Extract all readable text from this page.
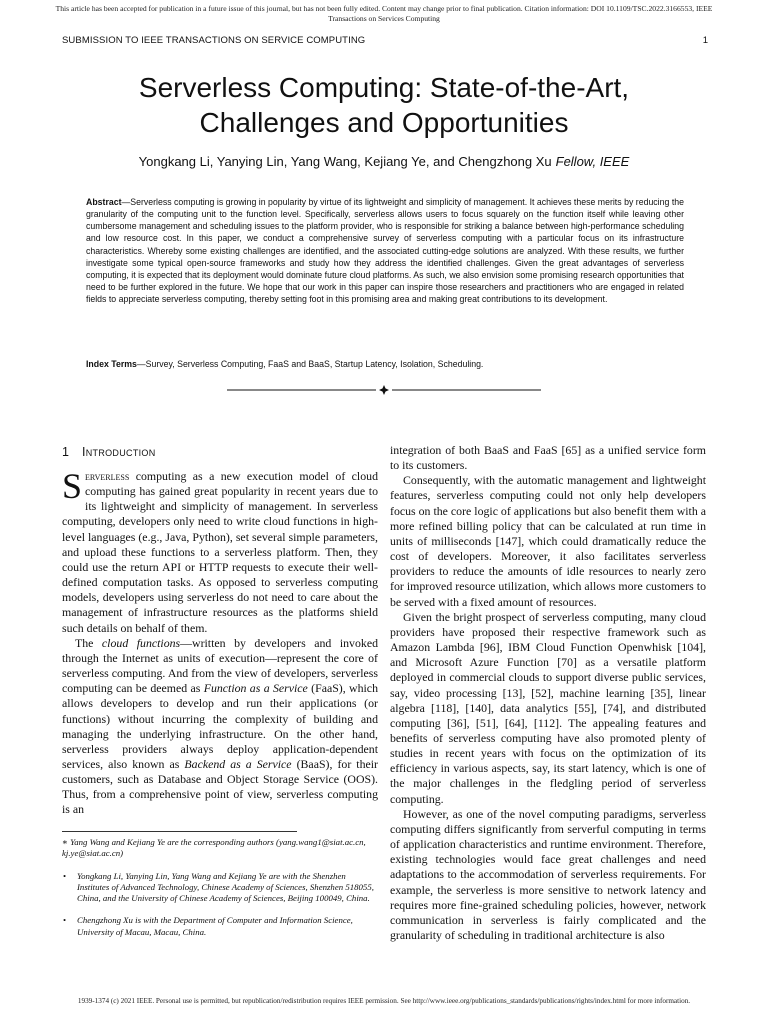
This article has been accepted for publication in a future issue of this journal, but has not been fully edited. Content may change prior to final publication. Citation information: DOI 10.1109/TSC.2022.3166553, IEEE
Transactions on Services Computing
SUBMISSION TO IEEE TRANSACTIONS ON SERVICE COMPUTING	1
Serverless Computing: State-of-the-Art,
Challenges and Opportunities
Yongkang Li, Yanying Lin, Yang Wang, Kejiang Ye, and Chengzhong Xu Fellow, IEEE
Abstract—Serverless computing is growing in popularity by virtue of its lightweight and simplicity of management. It achieves these merits by reducing the granularity of the computing unit to the function level. Specifically, serverless allows users to focus squarely on the function itself while leaving other cumbersome management and scheduling issues to the platform provider, who is responsible for striking a balance between high-performance scheduling and low resource cost. In this paper, we conduct a comprehensive survey of serverless computing with a particular focus on its infrastructure characteristics. Whereby some existing challenges are identified, and the associated cutting-edge solutions are analyzed. With these results, we further investigate some typical open-source frameworks and study how they address the identified challenges. Given the great advantages of serverless computing, it is expected that its deployment would dominate future cloud platforms. As such, we also envision some promising research opportunities that need to be further explored in the future. We hope that our work in this paper can inspire those researchers and practitioners who are engaged in related fields to appreciate serverless computing, thereby setting foot in this promising area and making great contributions to its development.
Index Terms—Survey, Serverless Computing, FaaS and BaaS, Startup Latency, Isolation, Scheduling.
1 Introduction

Serverless computing as a new execution model of cloud computing has gained great popularity in recent years due to its lightweight and simplicity of management. In serverless computing, developers only need to write cloud functions in high-level languages (e.g., Java, Python), set several simple parameters, and upload these functions to a serverless platform. Then, they could use the return API or HTTP requests to execute their well-defined computation tasks. As opposed to serverless computing models, developers using serverless do not need to care about the management of infrastructure resources as the platforms shield such details on behalf of them.

The cloud functions—written by developers and invoked through the Internet as units of execution—represent the core of serverless computing. And from the view of developers, serverless computing can be deemed as Function as a Service (FaaS), which allows developers to develop and run their applications (or functions) without incurring the complexity of building and managing the underlying infrastructure. On the other hand, serverless providers always deploy application-dependent services, also known as Backend as a Service (BaaS), for their customers, such as Database and Object Storage Service (OOS). Thus, from a comprehensive point of view, serverless computing is an

∗ Yang Wang and Kejiang Ye are the corresponding authors (yang.wang1@siat.ac.cn, kj.ye@siat.ac.cn)
• Yongkang Li, Yanying Lin, Yang Wang and Kejiang Ye are with the Shenzhen Institutes of Advanced Technology, Chinese Academy of Sciences, Shenzhen 518055, China, and the University of Chinese Academy of Sciences, Beijing 100049, China.
• Chengzhong Xu is with the Department of Computer and Information Science, University of Macau, Macau, China.

integration of both BaaS and FaaS [65] as a unified service form to its customers.

Consequently, with the automatic management and lightweight features, serverless computing could not only help developers focus on the core logic of applications but also benefit them with a more refined billing policy that can be calculated at run time in units of milliseconds [147], which could dramatically reduce the cost of developers. Moreover, it also facilitates serverless providers to reduce the amounts of idle resources to nearly zero for improved resource utilization, which allows more customers to be served with a fixed amount of resources.

Given the bright prospect of serverless computing, many cloud providers have proposed their respective framework such as Amazon Lambda [96], IBM Cloud Function Openwhisk [104], and Microsoft Azure Function [70] as a versatile platform deployed in commercial clouds to support diverse public services, say, video processing [13], [52], machine learning [35], linear algebra [118], [140], data analytics [55], [74], and distributed computing [36], [51], [64], [112]. The appealing features and benefits of serverless computing have also promoted plenty of studies in recent years with focus on the optimization of its efficiency in various aspects, say, its start latency, which is one of the major challenges in the fledgling period of serverless computing.

However, as one of the novel computing paradigms, serverless computing differs significantly from serverful computing in terms of application characteristics and runtime environment. Therefore, existing technologies would face great challenges and need adaptations to the accommodation of serverless requirements. For example, the serverless is more sensitive to network latency and requires more fine-grained scheduling policies, however, network communication in serverless is fairly complicated and the granularity of scheduling in traditional architecture is also

1939-1374 (c) 2021 IEEE. Personal use is permitted, but republication/redistribution requires IEEE permission. See http://www.ieee.org/publications_standards/publications/rights/index.html for more information.
